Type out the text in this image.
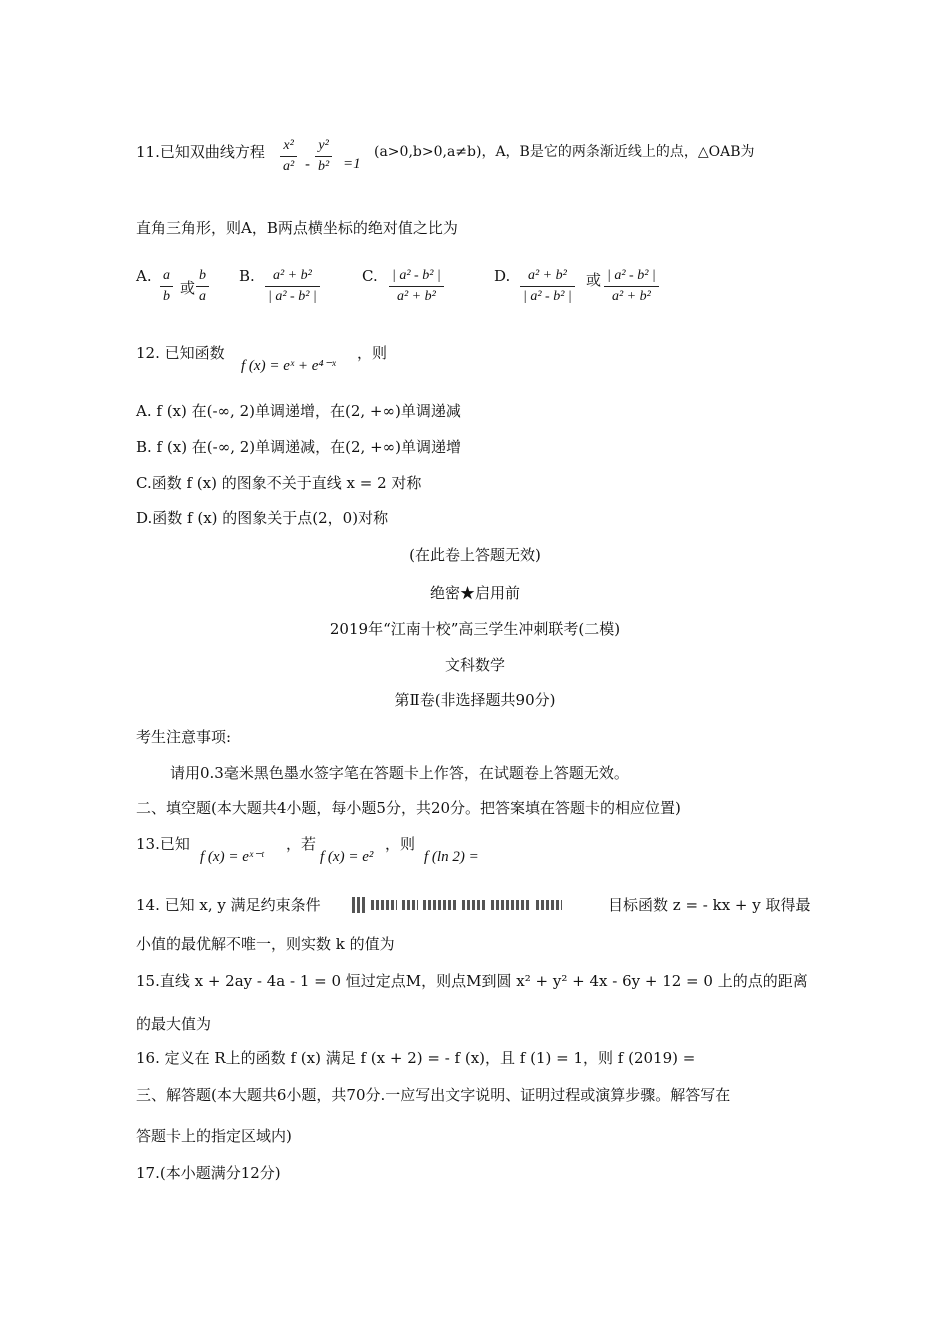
11.已知双曲线方程 x²
a² -
y²
b² =1
(a>0,b>0,a≠b)，A，B是它的两条渐近线上的点，△OAB为
直角三角形，则A，B两点横坐标的绝对值之比为
A. a
b 或
b
a
B. a² + b²
| a² - b² |
C. | a² - b² |
a² + b²
D. a² + b²
| a² - b² |
或 | a² - b² |
a² + b²
12. 已知函数
f (x) = eˣ + e⁴⁻ˣ
，则
A. f (x) 在(-∞, 2)单调递增，在(2, +∞)单调递减
B. f (x) 在(-∞, 2)单调递减，在(2, +∞)单调递增
C.函数 f (x) 的图象不关于直线 x = 2 对称
D.函数 f (x) 的图象关于点(2，0)对称
(在此卷上答题无效)
绝密★启用前
2019年“江南十校”高三学生冲刺联考(二模)
文科数学
第Ⅱ卷(非选择题共90分)
考生注意事项:
请用0.3毫米黑色墨水签字笔在答题卡上作答，在试题卷上答题无效。
二、填空题(本大题共4小题，每小题5分，共20分。把答案填在答题卡的相应位置)
13.已知
f (x) = eˣ⁻ᵗ
，若
f (x) = e²
，则
f (ln 2) =
14. 已知 x, y 满足约束条件	目标函数 z = - kx + y 取得最
小值的最优解不唯一，则实数 k 的值为
15.直线 x + 2ay - 4a - 1 = 0 恒过定点M，则点M到圆 x² + y² + 4x - 6y + 12 = 0 上的点的距离
的最大值为
16. 定义在 R上的函数 f (x) 满足 f (x + 2) = - f (x)，且 f (1) = 1，则 f (2019) =
三、解答题(本大题共6小题，共70分.一应写出文字说明、证明过程或演算步骤。解答写在
答题卡上的指定区域内)
17.(本小题满分12分)
